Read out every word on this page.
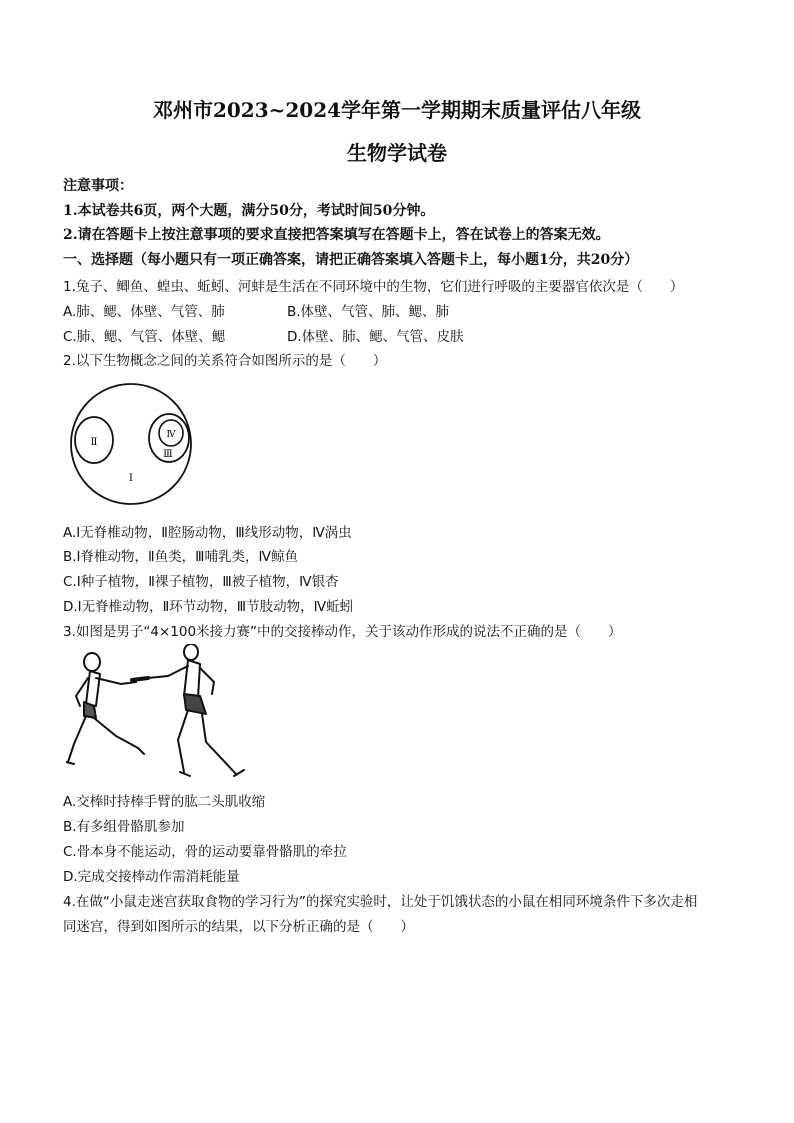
邓州市2023~2024学年第一学期期末质量评估八年级
生物学试卷
注意事项：
1.本试卷共6页，两个大题，满分50分，考试时间50分钟。
2.请在答题卡上按注意事项的要求直接把答案填写在答题卡上，答在试卷上的答案无效。
一、选择题（每小题只有一项正确答案，请把正确答案填入答题卡上，每小题1分，共20分）
1.兔子、鲫鱼、蝗虫、蚯蚓、河蚌是生活在不同环境中的生物，它们进行呼吸的主要器官依次是（　　）
A.肺、鳃、体壁、气管、肺	B.体壁、气管、肺、鳃、肺
C.肺、鳃、气管、体壁、鳃	D.体壁、肺、鳃、气管、皮肤
2.以下生物概念之间的关系符合如图所示的是（　　）
Ⅱ
Ⅳ
Ⅲ
Ⅰ
A.Ⅰ无脊椎动物，Ⅱ腔肠动物，Ⅲ线形动物，Ⅳ涡虫
B.Ⅰ脊椎动物，Ⅱ鱼类，Ⅲ哺乳类，Ⅳ鲸鱼
C.Ⅰ种子植物，Ⅱ裸子植物，Ⅲ被子植物，Ⅳ银杏
D.Ⅰ无脊椎动物，Ⅱ环节动物，Ⅲ节肢动物，Ⅳ蚯蚓
3.如图是男子“4×100米接力赛”中的交接棒动作，关于该动作形成的说法不正确的是（　　）
A.交棒时持棒手臂的肱二头肌收缩
B.有多组骨骼肌参加
C.骨本身不能运动，骨的运动要靠骨骼肌的牵拉
D.完成交接棒动作需消耗能量
4.在做“小鼠走迷宫获取食物的学习行为”的探究实验时，让处于饥饿状态的小鼠在相同环境条件下多次走相
同迷宫，得到如图所示的结果，以下分析正确的是（　　）
